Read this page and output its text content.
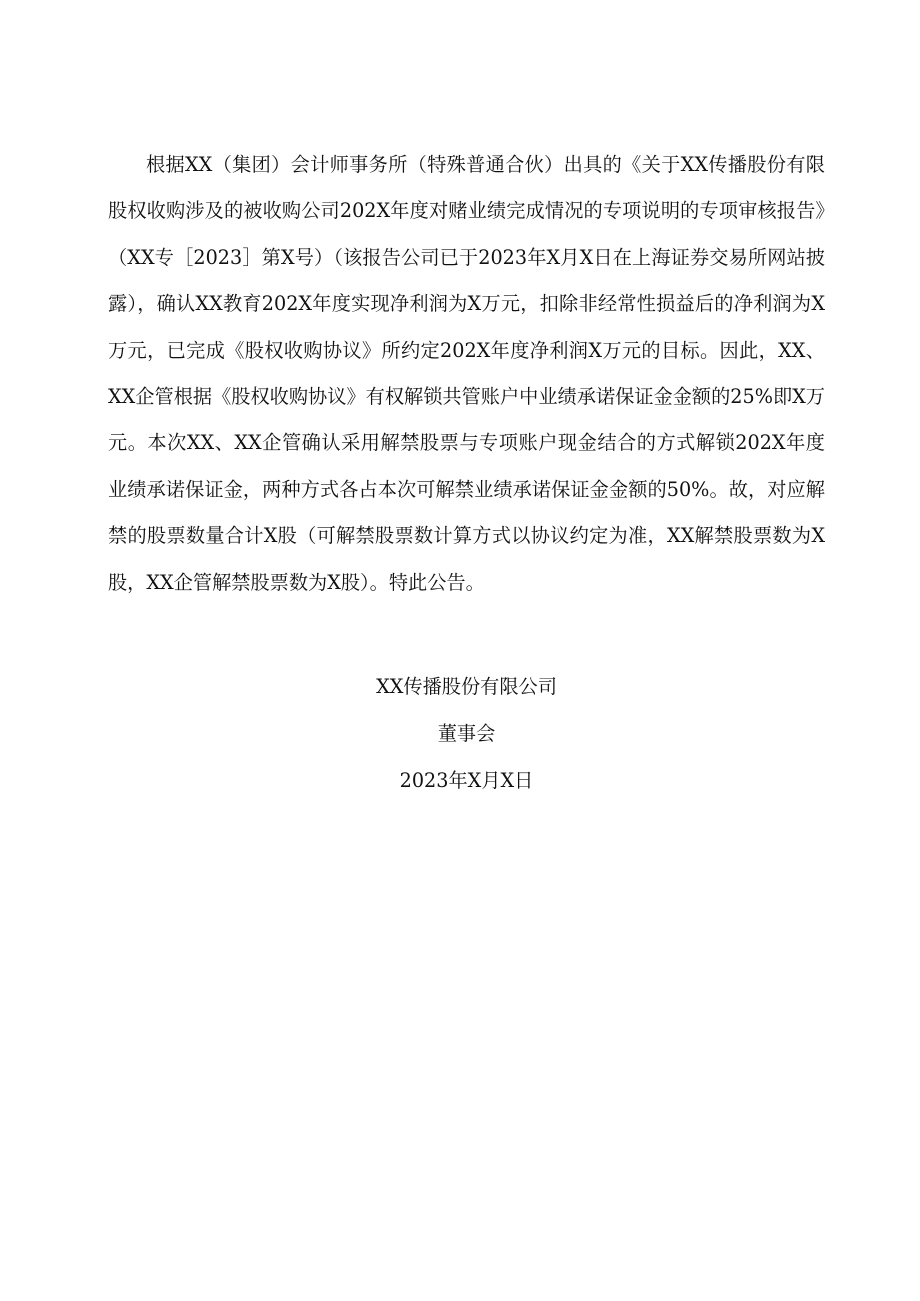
根据XX（集团）会计师事务所（特殊普通合伙）出具的《关于XX传播股份有限股权收购涉及的被收购公司202X年度对赌业绩完成情况的专项说明的专项审核报告》（XX专［2023］第X号）（该报告公司已于2023年X月X日在上海证券交易所网站披露），确认XX教育202X年度实现净利润为X万元，扣除非经常性损益后的净利润为X万元，已完成《股权收购协议》所约定202X年度净利润X万元的目标。因此，XX、XX企管根据《股权收购协议》有权解锁共管账户中业绩承诺保证金金额的25%即X万元。本次XX、XX企管确认采用解禁股票与专项账户现金结合的方式解锁202X年度业绩承诺保证金，两种方式各占本次可解禁业绩承诺保证金金额的50%。故，对应解禁的股票数量合计X股（可解禁股票数计算方式以协议约定为准，XX解禁股票数为X股，XX企管解禁股票数为X股）。特此公告。

XX传播股份有限公司

董事会

2023年X月X日
